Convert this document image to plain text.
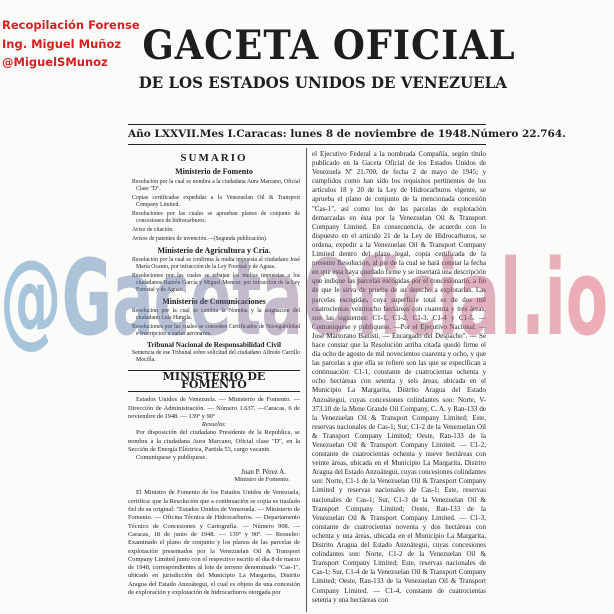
Recopilación Forense
Ing. Miguel Muñoz
@MiguelSMunoz GACETA OFICIAL
DE LOS ESTADOS UNIDOS DE VENEZUELA
Año LXXVII. Mes I. Caracas: lunes 8 de noviembre de 1948. Número 22.764.
SUMARIO
Ministerio de Fomento
Resolución por la cual se nombra a la ciudadana Aura Marcano, Oficial Clase "D".
Copias certificadas expedidas a la Venezuelan Oil & Transport Company Limited.
Resoluciones por las cuales se aprueban planos de conjunto de concesiones de hidrocarburos.
Aviso de citación.
Avisos de patentes de invención.—(Segunda publicación).
Ministerio de Agricultura y Cría.
Resolución por la cual se confirma la multa impuesta al ciudadano José María Ocanto, por infracción de la Ley Forestal y de Aguas.
Resoluciones por las cuales se rebajan las multas impuestas a los ciudadanos Ramón García y Miguel Moncur, por infracción de la Ley Forestal y de Aguas.
Ministerio de Comunicaciones
Resolución por la cual se cambia la Nomina y la asignación del ciudadano Luis Hurgila.
Resoluciones por las cuales se conceden Certificados de Navegabilidad e Inscripción a varias aeronaves.
Tribunal Nacional de Responsabilidad Civil
Sentencia de ese Tribunal sobre solicitud del ciudadano Alfredo Carrillo Mocilla.
MINISTERIO DE FOMENTO

Estados Unidos de Venezuela. — Ministerio de Fomento. —Dirección de Administración. — Número 1.637. —Caracas, 6 de noviembre de 1948. — 139º y 90º

Resuelto:

Por disposición del ciudadano Presidente de la República, se nombra a la ciudadana Aura Marcano, Oficial clase "D", en la Sección de Energía Eléctrica, Partida 53, cargo vacante.

Comuníquese y publíquese.

Juan P. Pérez A.

Ministro de Fomento.

El Ministro de Fomento de los Estados Unidos de Venezuela, certifica: que la Resolución que a continuación se copia es traslado fiel de su original: "Estados Unidos de Venezuela. — Ministerio de Fomento. — Oficina Técnica de Hidrocarburos. — Departamento Técnico de Concesiones y Cartografía. — Número 908. — Caracas, 18 de junio de 1948. — 139º y 90º. — Resuelto: Examinado el plano de conjunto y los planos de las parcelas de explotación presentados por la Venezuelan Oil & Transport Company Limited junto con el respectivo escrito el día 8 de marzo de 1948, correspondientes al lote de terreno denominado "Cas-1", ubicado en jurisdicción del Municipio La Margarita, Distrito Aragua del Estado Anzoátegui, el cual es objeto de una concesión de exploración y explotación de hidrocarburos otorgada por

el Ejecutivo Federal a la nombrada Compañía, según título publicado en la Gaceta Oficial de los Estados Unidos de Venezuela Nº 21.700, de fecha 2 de mayo de 1945; y cumplidos como han sido los requisitos pertinentes de los artículos 18 y 20 de la Ley de Hidrocarburos vigente, se aprueba el plano de conjunto de la mencionada concesión "Cas-1", así como los de las parcelas de explotación demarcadas en ésta por la Venezuelan Oil & Transport Company Limited. En consecuencia, de acuerdo con lo dispuesto en el artículo 21 de la Ley de Hidrocarburos, se ordena, expedir a la Venezuelan Oil & Transport Company Limited dentro del plazo legal, copia certificada de la presente Resolución, al pie de la cual se hará constar la fecha en que ésta haya quedado firme y se insertará una descripción que indique las parcelas escogidas por el concesionario, a fin de que le sirva de prueba de su derecho a explotarlas. Las parcelas escogidas, cuya superficie total es de dos mil cuatrocientas veintiocho hectáreas con cuarenta y tres áreas, son las siguientes: C1-1, C1-2, C1-3, C1-4 y C1-5. — Comuníquese y publíquese. —Por el Ejecutivo Nacional. — José Martorano Battisti. — Encargado del Despacho". — Se hace constar que la Resolución arriba citada quedó firme el día ocho de agosto de mil novecientos cuarenta y ocho, y que las parcelas a que ella se refiere son las que se especifican a continuación: C1-1, constante de cuatrocientas ochenta y ocho hectáreas con setenta y seis áreas, ubicada en el Municipio La Margarita, Distrito Aragua del Estado Anzoátegui, cuyas concesiones colindantes son: Norte, V-373.10 de la Mene Grande Oil Company, C. A. y Ran-133 de la Venezuelan Oil & Transport Company Limited; Este, reservas nacionales de Cas-1; Sur, C1-2 de la Venezuelan Oil & Transport Company Limited; Oeste, Ran-133 de la Venezuelan Oil & Transport Company Limited. — C1-2, constante de cuatrocientas ochenta y nueve hectáreas con veinte áreas, ubicada en el Municipio La Margarita, Distrito Aragua del Estado Anzoátegui, cuyas concesiones colindantes son: Norte, C1-1 de la Venezuelan Oil & Transport Company Limited y reservas nacionales de Cas-1; Este, reservas nacionales de Cas-1; Sur, C1-3 de la Venezuelan Oil & Transport Company Limited; Oeste, Ran-133 de la Venezuelan Oil & Transport Company Limited. — C1-3, constante de cuatrocientas noventa y dos hectáreas con ochenta y una áreas, ubicada en el Municipio La Margarita, Distrito Aragua del Estado Anzoátegui, cuyas concesiones colindantes son: Norte, C1-2 de la Venezuelan Oil & Transport Company Limited; Este, reservas nacionales de Cas-1; Sur, C1-4 de la Venezuelan Oil & Transport Company Limited; Oeste, Ran-133 de la Venezuelan Oil & Transport Company Limited. — C1-4, constante de cuatrocientas setenta y una hectáreas con

@GacetaOficial.io
